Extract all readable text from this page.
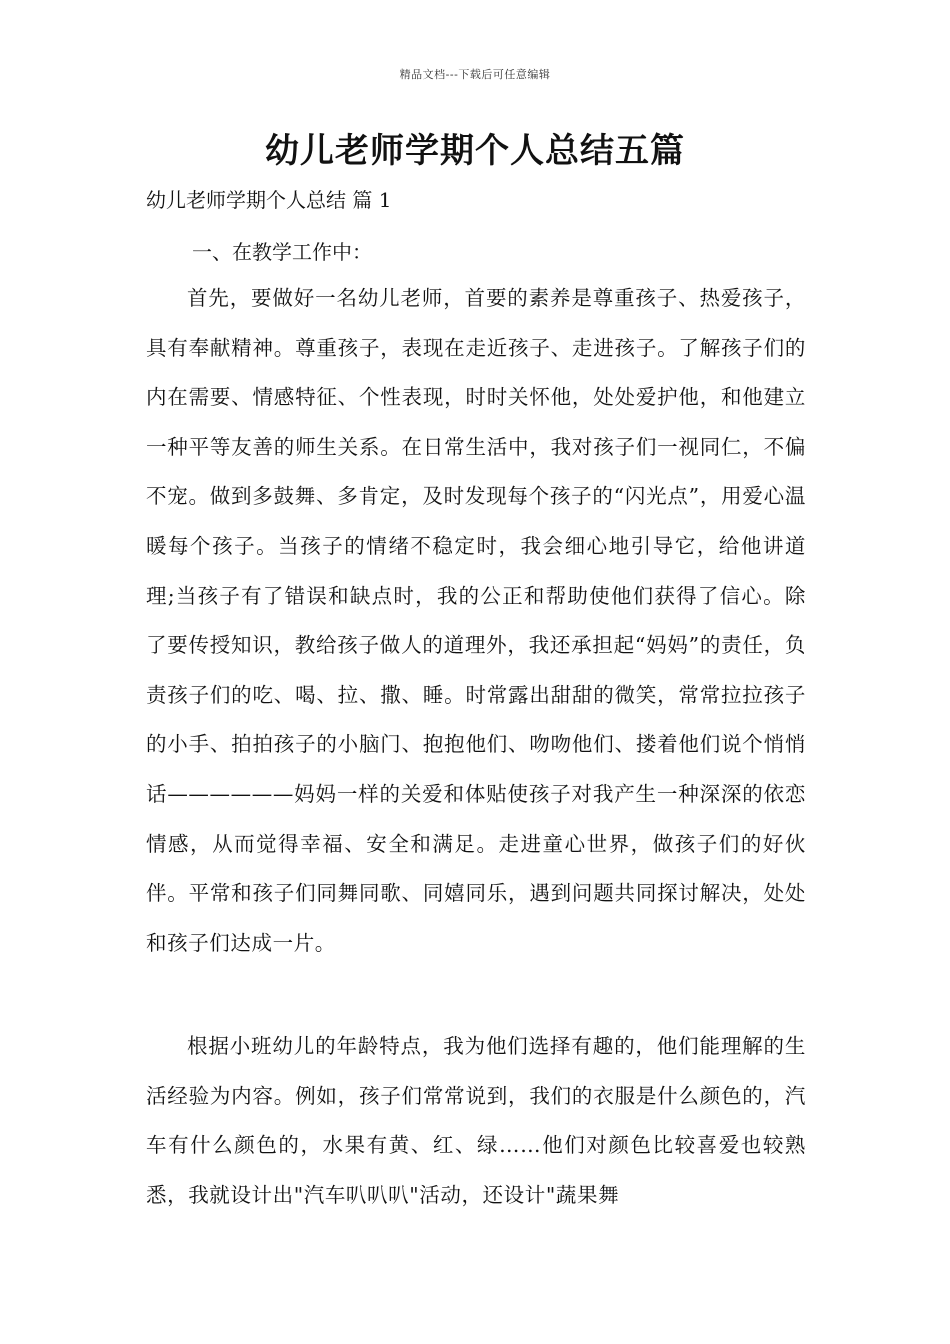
精品文档---下载后可任意编辑
幼儿老师学期个人总结五篇
幼儿老师学期个人总结 篇 1
一、在教学工作中：

首先，要做好一名幼儿老师，首要的素养是尊重孩子、热爱孩子，具有奉献精神。尊重孩子，表现在走近孩子、走进孩子。了解孩子们的内在需要、情感特征、个性表现，时时关怀他，处处爱护他，和他建立一种平等友善的师生关系。在日常生活中，我对孩子们一视同仁，不偏不宠。做到多鼓舞、多肯定，及时发现每个孩子的“闪光点”，用爱心温暖每个孩子。当孩子的情绪不稳定时，我会细心地引导它，给他讲道理;当孩子有了错误和缺点时，我的公正和帮助使他们获得了信心。除了要传授知识，教给孩子做人的道理外，我还承担起“妈妈”的责任，负责孩子们的吃、喝、拉、撒、睡。时常露出甜甜的微笑，常常拉拉孩子的小手、拍拍孩子的小脑门、抱抱他们、吻吻他们、搂着他们说个悄悄话——————妈妈一样的关爱和体贴使孩子对我产生一种深深的依恋情感，从而觉得幸福、安全和满足。走进童心世界，做孩子们的好伙伴。平常和孩子们同舞同歌、同嬉同乐，遇到问题共同探讨解决，处处和孩子们达成一片。

根据小班幼儿的年龄特点，我为他们选择有趣的，他们能理解的生活经验为内容。例如，孩子们常常说到，我们的衣服是什么颜色的，汽车有什么颜色的，水果有黄、红、绿……他们对颜色比较喜爱也较熟悉，我就设计出"汽车叭叭叭"活动，还设计"蔬果舞
